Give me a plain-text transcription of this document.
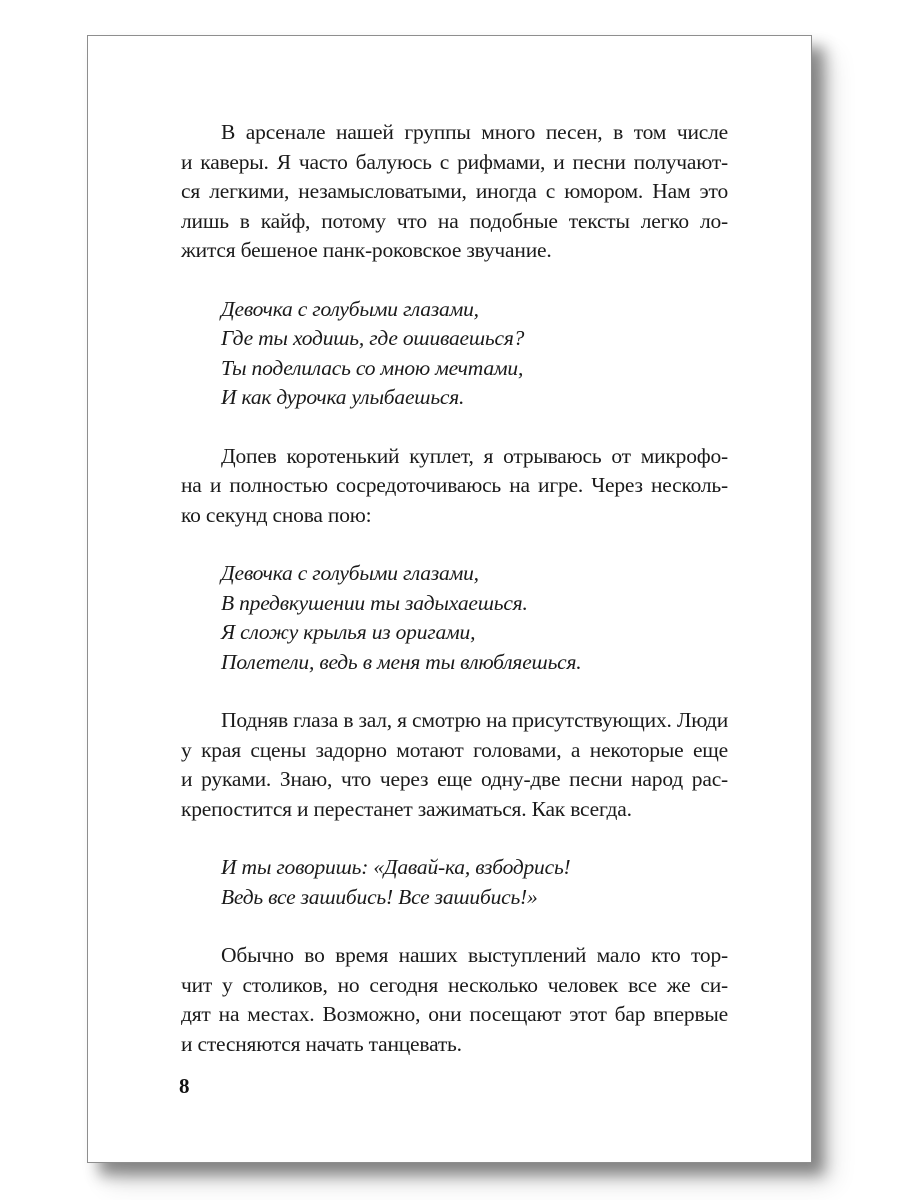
В арсенале нашей группы много песен, в том числе
и каверы. Я часто балуюсь с рифмами, и песни получают-
ся легкими, незамысловатыми, иногда с юмором. Нам это
лишь в кайф, потому что на подобные тексты легко ло-
жится бешеное панк-роковское звучание.
Девочка с голубыми глазами,
Где ты ходишь, где ошиваешься?
Ты поделилась со мною мечтами,
И как дурочка улыбаешься.
Допев коротенький куплет, я отрываюсь от микрофо-
на и полностью сосредоточиваюсь на игре. Через несколь-
ко секунд снова пою:
Девочка с голубыми глазами,
В предвкушении ты задыхаешься.
Я сложу крылья из оригами,
Полетели, ведь в меня ты влюбляешься.
Подняв глаза в зал, я смотрю на присутствующих. Люди
у края сцены задорно мотают головами, а некоторые еще
и руками. Знаю, что через еще одну-две песни народ рас-
крепостится и перестанет зажиматься. Как всегда.
И ты говоришь: «Давай-ка, взбодрись!
Ведь все зашибись! Все зашибись!»
Обычно во время наших выступлений мало кто тор-
чит у столиков, но сегодня несколько человек все же си-
дят на местах. Возможно, они посещают этот бар впервые
и стесняются начать танцевать.
8
